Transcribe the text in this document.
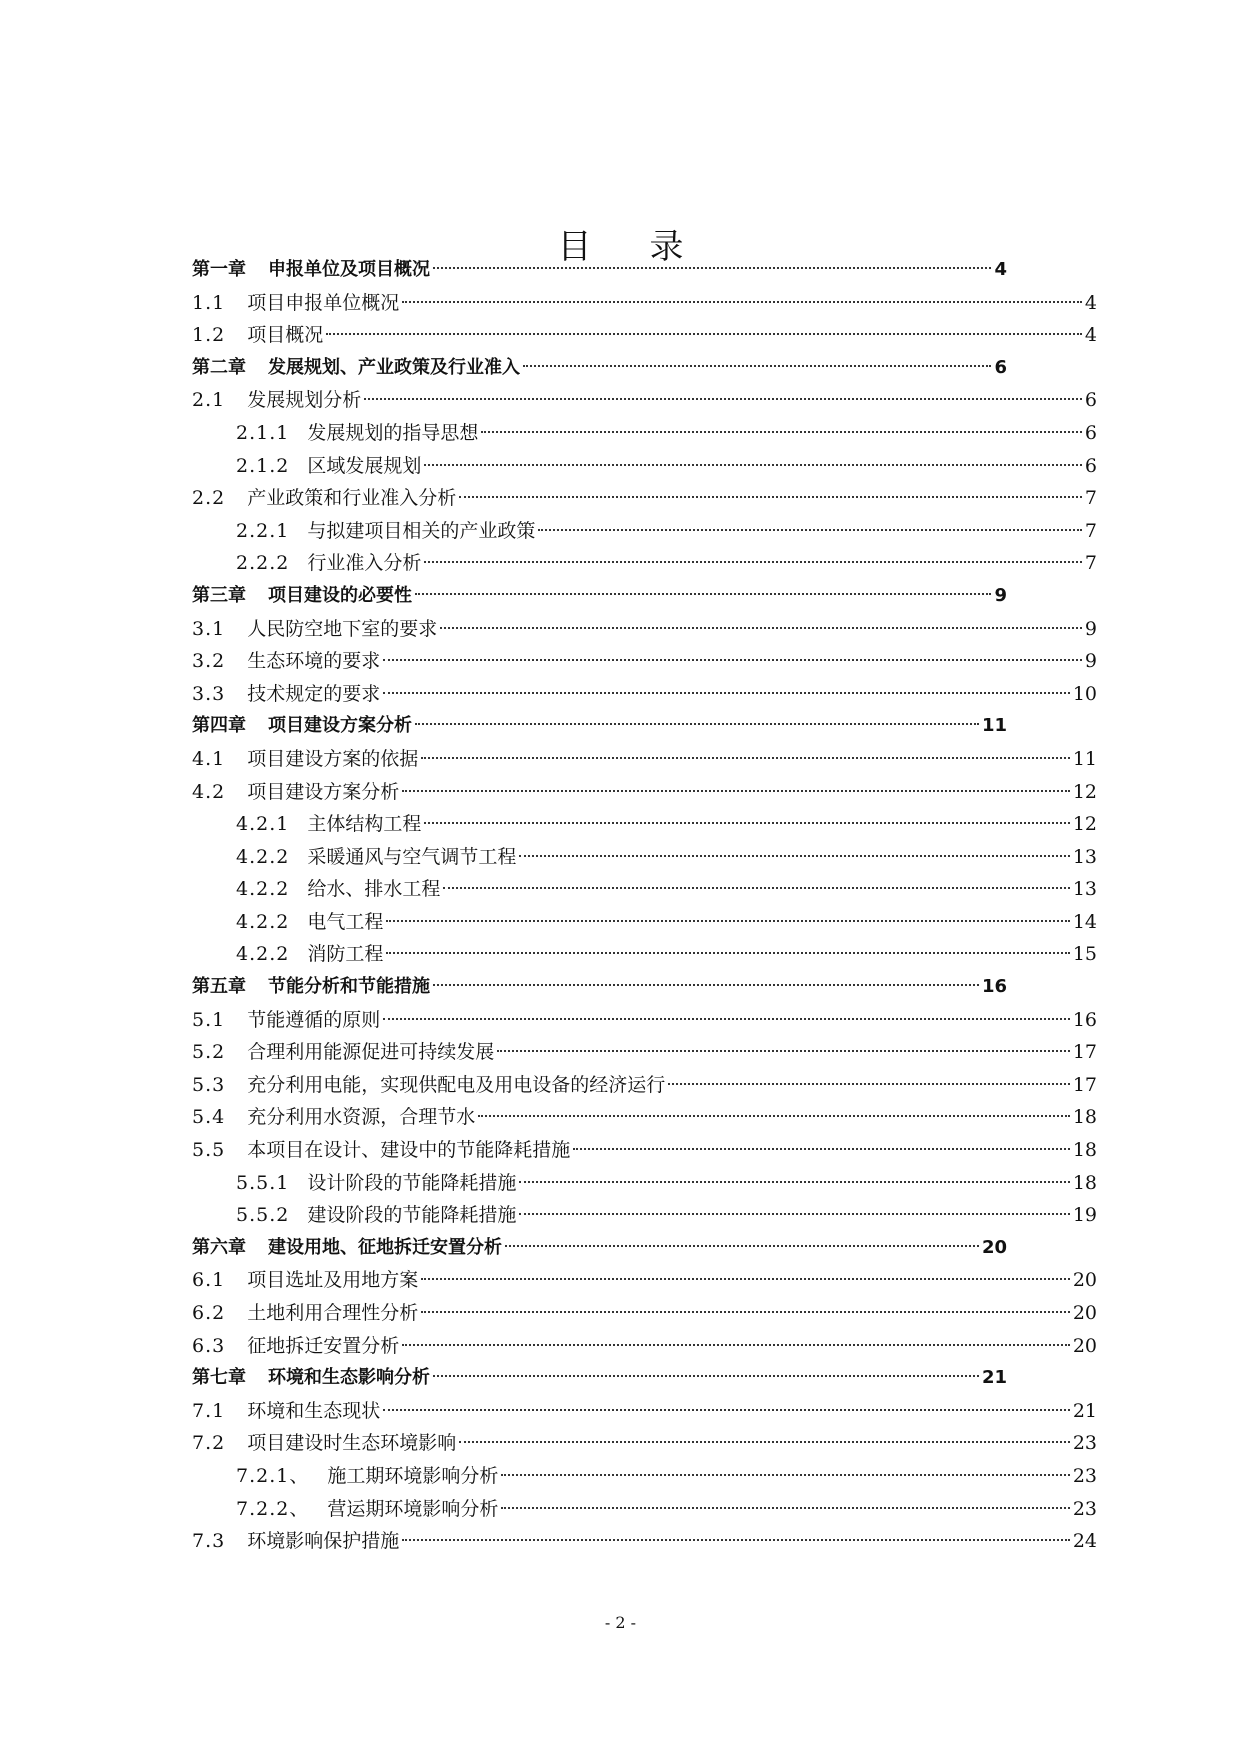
目 录
第一章 申报单位及项目概况	4
1.1 项目申报单位概况	4
1.2 项目概况	4
第二章 发展规划、产业政策及行业准入	6
2.1 发展规划分析	6
2.1.1 发展规划的指导思想	6
2.1.2 区域发展规划	6
2.2 产业政策和行业准入分析	7
2.2.1 与拟建项目相关的产业政策	7
2.2.2 行业准入分析	7
第三章 项目建设的必要性	9
3.1 人民防空地下室的要求	9
3.2 生态环境的要求	9
3.3 技术规定的要求	10
第四章 项目建设方案分析	11
4.1 项目建设方案的依据	11
4.2 项目建设方案分析	12
4.2.1 主体结构工程	12
4.2.2 采暖通风与空气调节工程	13
4.2.2 给水、排水工程	13
4.2.2 电气工程	14
4.2.2 消防工程	15
第五章 节能分析和节能措施	16
5.1 节能遵循的原则	16
5.2 合理利用能源促进可持续发展	17
5.3 充分利用电能，实现供配电及用电设备的经济运行	17
5.4 充分利用水资源，合理节水	18
5.5 本项目在设计、建设中的节能降耗措施	18
5.5.1 设计阶段的节能降耗措施	18
5.5.2 建设阶段的节能降耗措施	19
第六章 建设用地、征地拆迁安置分析	20
6.1 项目选址及用地方案	20
6.2 土地利用合理性分析	20
6.3 征地拆迁安置分析	20
第七章 环境和生态影响分析	21
7.1 环境和生态现状	21
7.2 项目建设时生态环境影响	23
7.2.1、 施工期环境影响分析	23
7.2.2、 营运期环境影响分析	23
7.3 环境影响保护措施	24
- 2 -
